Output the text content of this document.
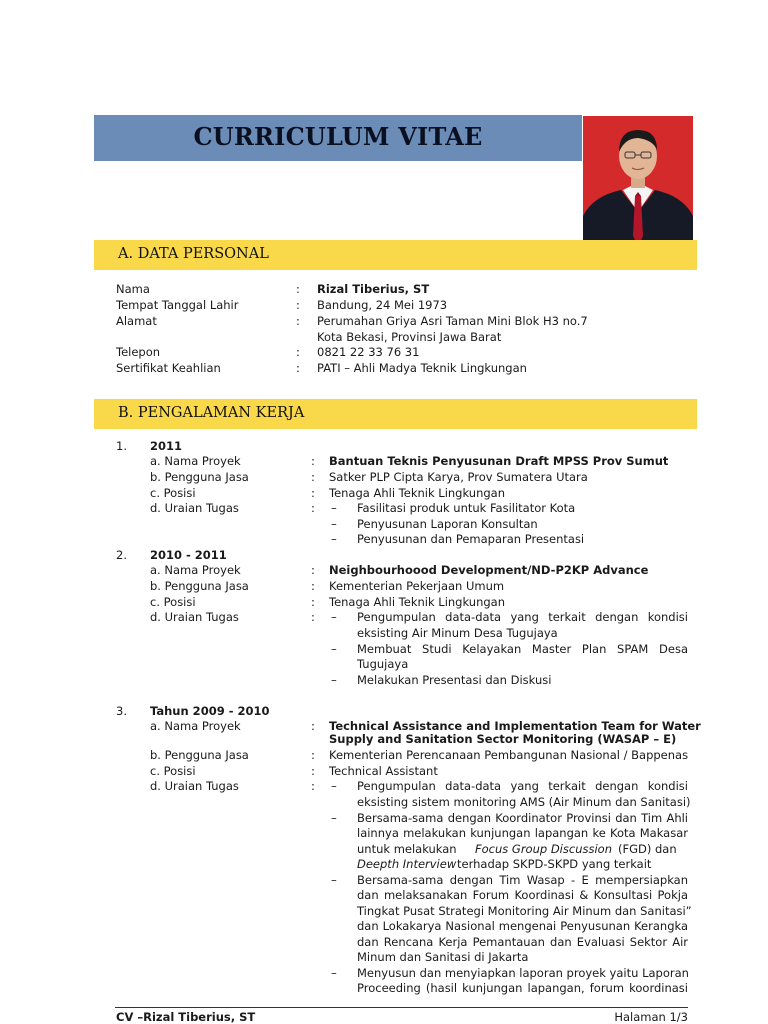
CURRICULUM VITAE
A. DATA PERSONAL
Nama	: Rizal Tiberius, ST
Tempat Tanggal Lahir	: Bandung, 24 Mei 1973
Alamat	: Perumahan Griya Asri Taman Mini Blok H3 no.7
Kota Bekasi, Provinsi Jawa Barat
Telepon	: 0821 22 33 76 31
Sertifikat Keahlian	: PATI – Ahli Madya Teknik Lingkungan
B. PENGALAMAN KERJA
1. 2011
a. Nama Proyek	: Bantuan Teknis Penyusunan Draft MPSS Prov Sumut
b. Pengguna Jasa	: Satker PLP Cipta Karya, Prov Sumatera Utara
c. Posisi	: Tenaga Ahli Teknik Lingkungan
d. Uraian Tugas	: – Fasilitasi produk untuk Fasilitator Kota
– Penyusunan Laporan Konsultan
– Penyusunan dan Pemaparan Presentasi
2. 2010 - 2011
a. Nama Proyek	: Neighbourhoood Development/ND-P2KP Advance
b. Pengguna Jasa	: Kementerian Pekerjaan Umum
c. Posisi	: Tenaga Ahli Teknik Lingkungan
d. Uraian Tugas	: – Pengumpulan data-data yang terkait dengan kondisi
eksisting Air Minum Desa Tugujaya
– Membuat Studi Kelayakan Master Plan SPAM Desa
Tugujaya
– Melakukan Presentasi dan Diskusi
3. Tahun 2009 - 2010
a. Nama Proyek	: Technical Assistance and Implementation Team for Water
Supply and Sanitation Sector Monitoring (WASAP – E)
b. Pengguna Jasa	: Kementerian Perencanaan Pembangunan Nasional / Bappenas
c. Posisi	: Technical Assistant
d. Uraian Tugas	: – Pengumpulan data-data yang terkait dengan kondisi
eksisting sistem monitoring AMS (Air Minum dan Sanitasi)
– Bersama-sama dengan Koordinator Provinsi dan Tim Ahli
lainnya melakukan kunjungan lapangan ke Kota Makasar
untuk melakukan Focus Group Discussion (FGD) dan
Deepth Interview terhadap SKPD-SKPD yang terkait
– Bersama-sama dengan Tim Wasap - E mempersiapkan
dan melaksanakan Forum Koordinasi & Konsultasi Pokja
Tingkat Pusat Strategi Monitoring Air Minum dan Sanitasi”
dan Lokakarya Nasional mengenai Penyusunan Kerangka
dan Rencana Kerja Pemantauan dan Evaluasi Sektor Air
Minum dan Sanitasi di Jakarta
– Menyusun dan menyiapkan laporan proyek yaitu Laporan
Proceeding (hasil kunjungan lapangan, forum koordinasi
CV –Rizal Tiberius, ST	Halaman 1/3
